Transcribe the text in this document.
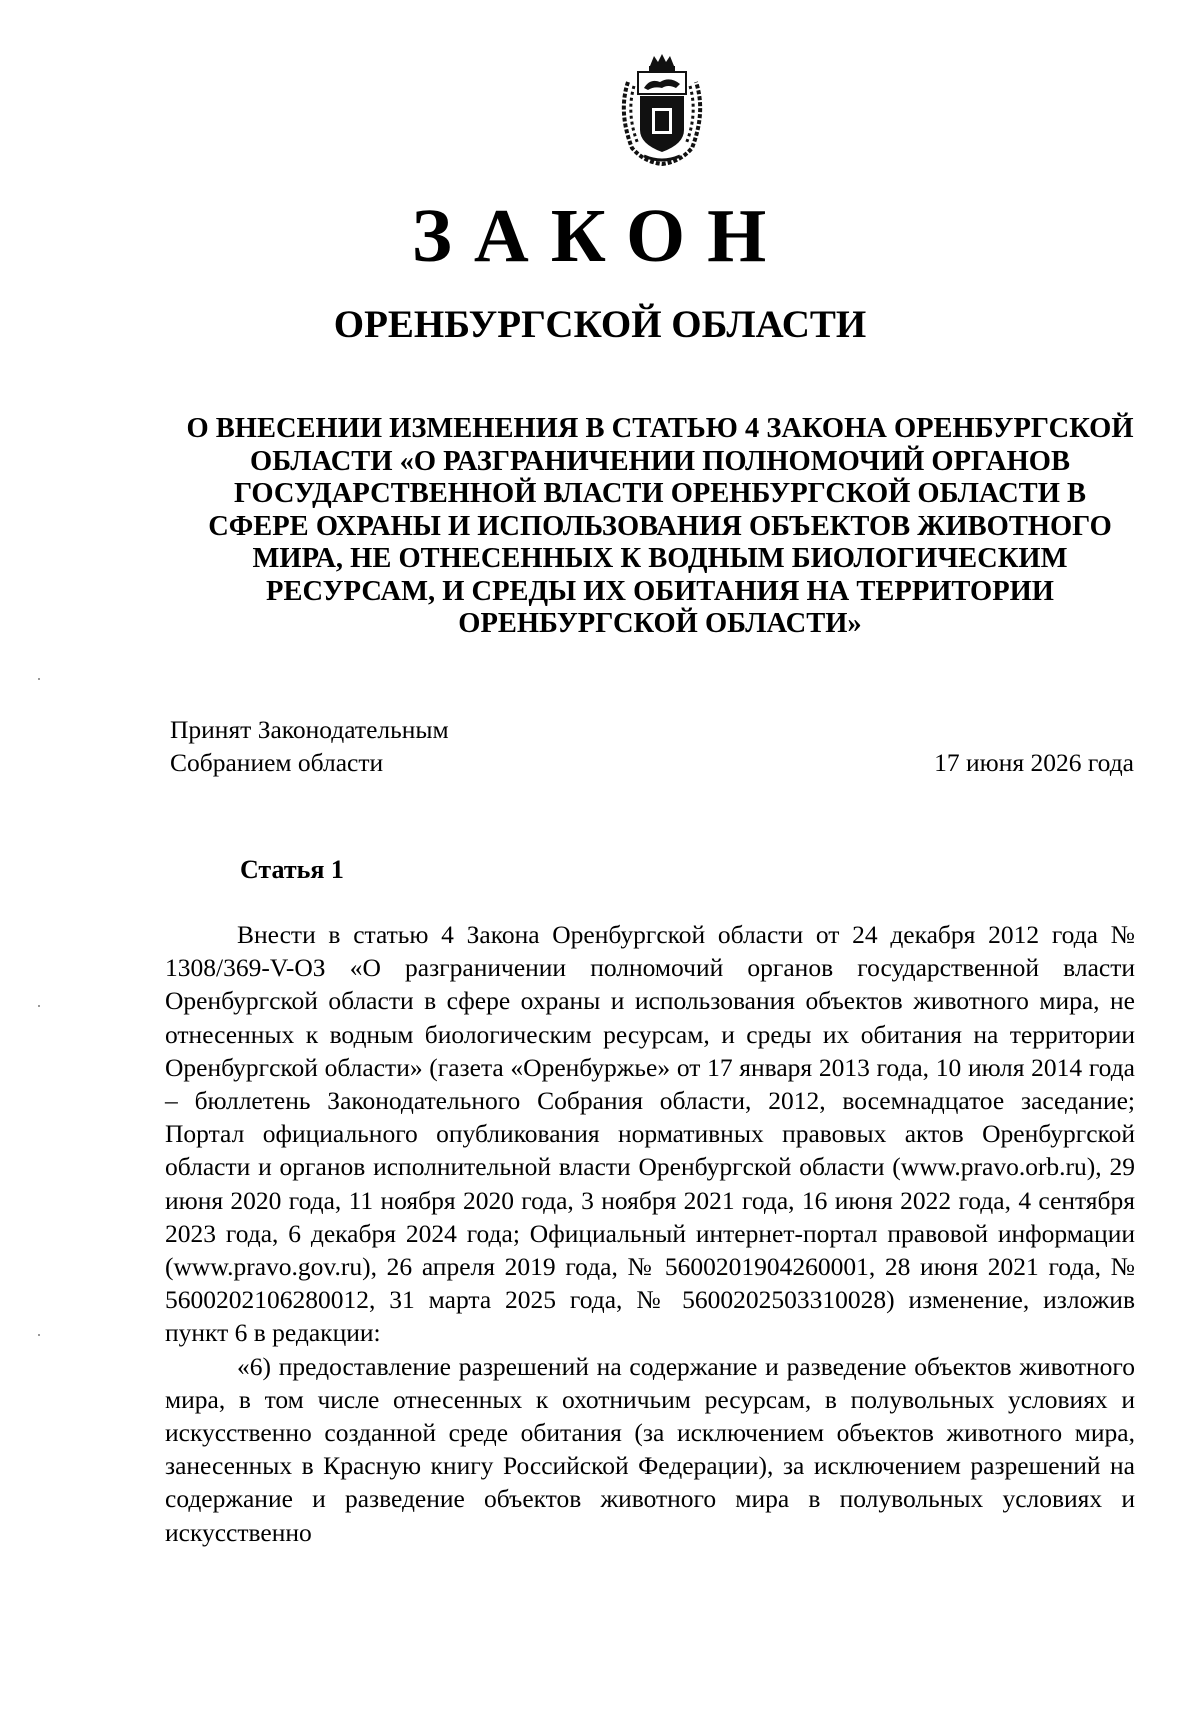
ЗАКОН
ОРЕНБУРГСКОЙ ОБЛАСТИ
О ВНЕСЕНИИ ИЗМЕНЕНИЯ В СТАТЬЮ 4 ЗАКОНА ОРЕНБУРГСКОЙ
ОБЛАСТИ «О РАЗГРАНИЧЕНИИ ПОЛНОМОЧИЙ ОРГАНОВ
ГОСУДАРСТВЕННОЙ ВЛАСТИ ОРЕНБУРГСКОЙ ОБЛАСТИ В
СФЕРЕ ОХРАНЫ И ИСПОЛЬЗОВАНИЯ ОБЪЕКТОВ ЖИВОТНОГО
МИРА, НЕ ОТНЕСЕННЫХ К ВОДНЫМ БИОЛОГИЧЕСКИМ
РЕСУРСАМ, И СРЕДЫ ИХ ОБИТАНИЯ НА ТЕРРИТОРИИ
ОРЕНБУРГСКОЙ ОБЛАСТИ»
Принят Законодательным
Собранием области	17 июня 2026 года
Статья 1

Внести в статью 4 Закона Оренбургской области от 24 декабря 2012 года № 1308/369-V-ОЗ «О разграничении полномочий органов государственной власти Оренбургской области в сфере охраны и использования объектов животного мира, не отнесенных к водным биологическим ресурсам, и среды их обитания на территории Оренбургской области» (газета «Оренбуржье» от 17 января 2013 года, 10 июля 2014 года – бюллетень Законодательного Собрания области, 2012, восемнадцатое заседание; Портал официального опубликования нормативных правовых актов Оренбургской области и органов исполнительной власти Оренбургской области (www.pravo.orb.ru), 29 июня 2020 года, 11 ноября 2020 года, 3 ноября 2021 года, 16 июня 2022 года, 4 сентября 2023 года, 6 декабря 2024 года; Официальный интернет-портал правовой информации (www.pravo.gov.ru), 26 апреля 2019 года, № 5600201904260001, 28 июня 2021 года, № 5600202106280012, 31 марта 2025 года, № 5600202503310028) изменение, изложив пункт 6 в редакции:

«6) предоставление разрешений на содержание и разведение объектов животного мира, в том числе отнесенных к охотничьим ресурсам, в полувольных условиях и искусственно созданной среде обитания (за исключением объектов животного мира, занесенных в Красную книгу Российской Федерации), за исключением разрешений на содержание и разведение объектов животного мира в полувольных условиях и искусственно
